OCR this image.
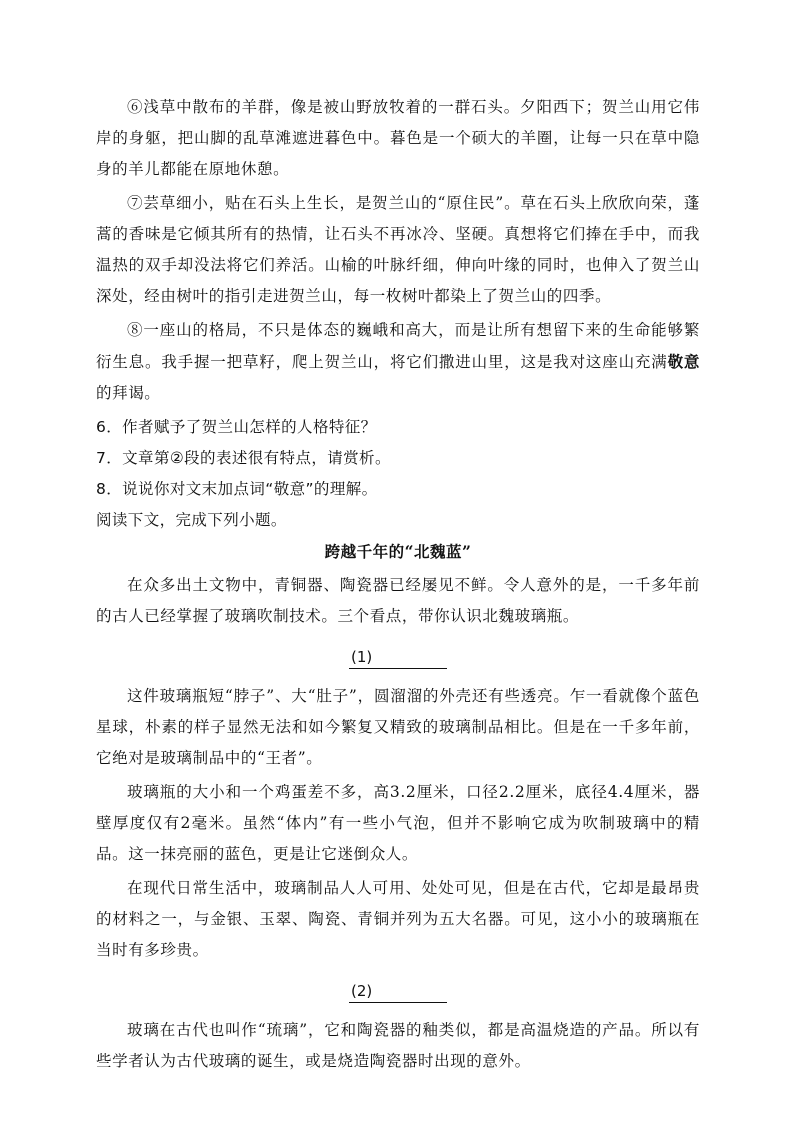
⑥浅草中散布的羊群，像是被山野放牧着的一群石头。夕阳西下；贺兰山用它伟岸的身躯，把山脚的乱草滩遮进暮色中。暮色是一个硕大的羊圈，让每一只在草中隐身的羊儿都能在原地休憩。

⑦芸草细小，贴在石头上生长，是贺兰山的“原住民”。草在石头上欣欣向荣，蓬蒿的香味是它倾其所有的热情，让石头不再冰冷、坚硬。真想将它们捧在手中，而我温热的双手却没法将它们养活。山榆的叶脉纤细，伸向叶缘的同时，也伸入了贺兰山深处，经由树叶的指引走进贺兰山，每一枚树叶都染上了贺兰山的四季。

⑧一座山的格局，不只是体态的巍峨和高大，而是让所有想留下来的生命能够繁衍生息。我手握一把草籽，爬上贺兰山，将它们撒进山里，这是我对这座山充满敬意的拜谒。

6．作者赋予了贺兰山怎样的人格特征？

7．文章第②段的表述很有特点，请赏析。

8．说说你对文末加点词“敬意”的理解。

阅读下文，完成下列小题。

跨越千年的“北魏蓝”

在众多出土文物中，青铜器、陶瓷器已经屡见不鲜。令人意外的是，一千多年前的古人已经掌握了玻璃吹制技术。三个看点，带你认识北魏玻璃瓶。

(1)

这件玻璃瓶短“脖子”、大“肚子”，圆溜溜的外壳还有些透亮。乍一看就像个蓝色星球，朴素的样子显然无法和如今繁复又精致的玻璃制品相比。但是在一千多年前，它绝对是玻璃制品中的“王者”。

玻璃瓶的大小和一个鸡蛋差不多，高3.2厘米，口径2.2厘米，底径4.4厘米，器壁厚度仅有2毫米。虽然“体内”有一些小气泡，但并不影响它成为吹制玻璃中的精品。这一抹亮丽的蓝色，更是让它迷倒众人。

在现代日常生活中，玻璃制品人人可用、处处可见，但是在古代，它却是最昂贵的材料之一，与金银、玉翠、陶瓷、青铜并列为五大名器。可见，这小小的玻璃瓶在当时有多珍贵。

(2)

玻璃在古代也叫作“琉璃”，它和陶瓷器的釉类似，都是高温烧造的产品。所以有些学者认为古代玻璃的诞生，或是烧造陶瓷器时出现的意外。
